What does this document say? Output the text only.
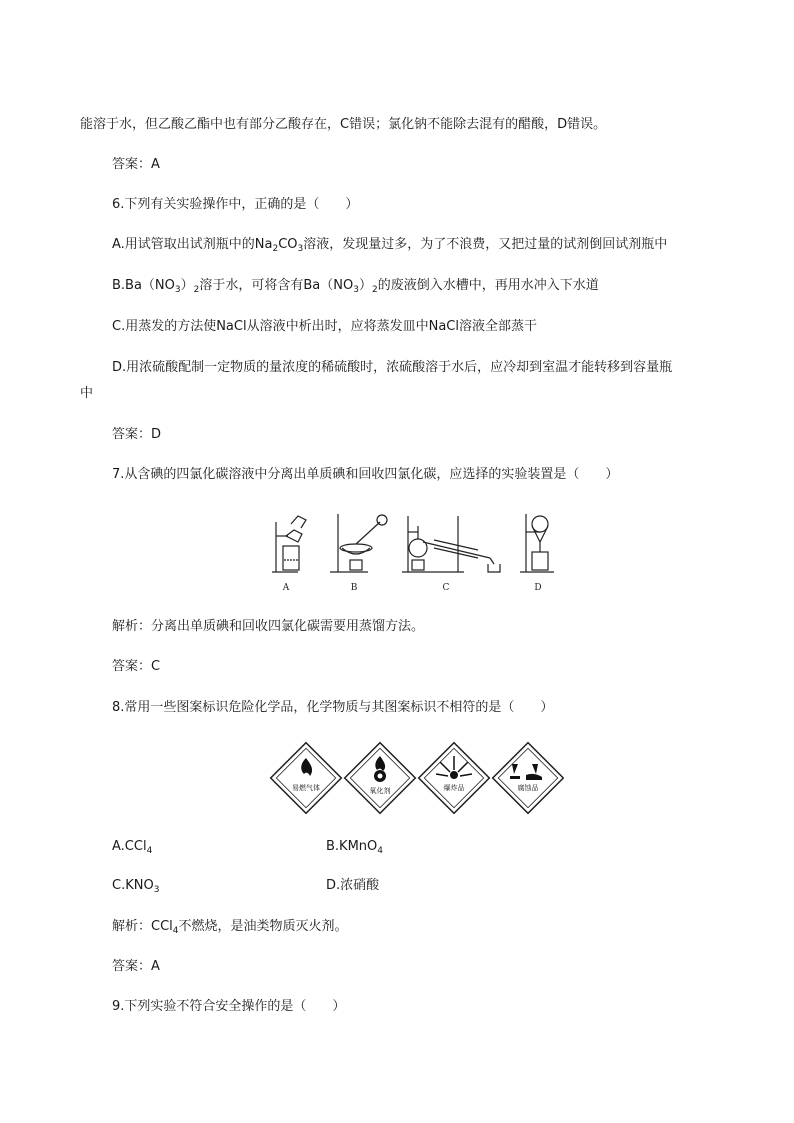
能溶于水，但乙酸乙酯中也有部分乙酸存在，C错误；氯化钠不能除去混有的醋酸，D错误。
答案：A
6.下列有关实验操作中，正确的是（　　）
A.用试管取出试剂瓶中的$Na_2CO_3$溶液，发现量过多，为了不浪费，又把过量的试剂倒回试剂瓶中
$B.Ba(NO_3)_2$溶于水，可将含有$Ba(NO_3)_2$的废液倒入水槽中，再用水冲入下水道
C.用蒸发的方法使NaCl从溶液中析出时，应将蒸发皿中NaCl溶液全部蒸干
D.用浓硫酸配制一定物质的量浓度的稀硫酸时，浓硫酸溶于水后，应冷却到室温才能转移到容量瓶
中
答案：D
7.从含碘的四氯化碳溶液中分离出单质碘和回收四氯化碳，应选择的实验装置是（　　）
A	B	C	D
解析：分离出单质碘和回收四氯化碳需要用蒸馏方法。
答案：C
8.常用一些图案标识危险化学品，化学物质与其图案标识不相符的是（　　）
易燃气体	氧化剂	爆炸品	腐蚀品
A.CCl$_4$	B.KMnO$_4$
$C.KNO_3$	D.浓硝酸
解析：CCl$_4$不燃烧，是油类物质灭火剂。
答案：A
9.下列实验不符合安全操作的是（　　）
